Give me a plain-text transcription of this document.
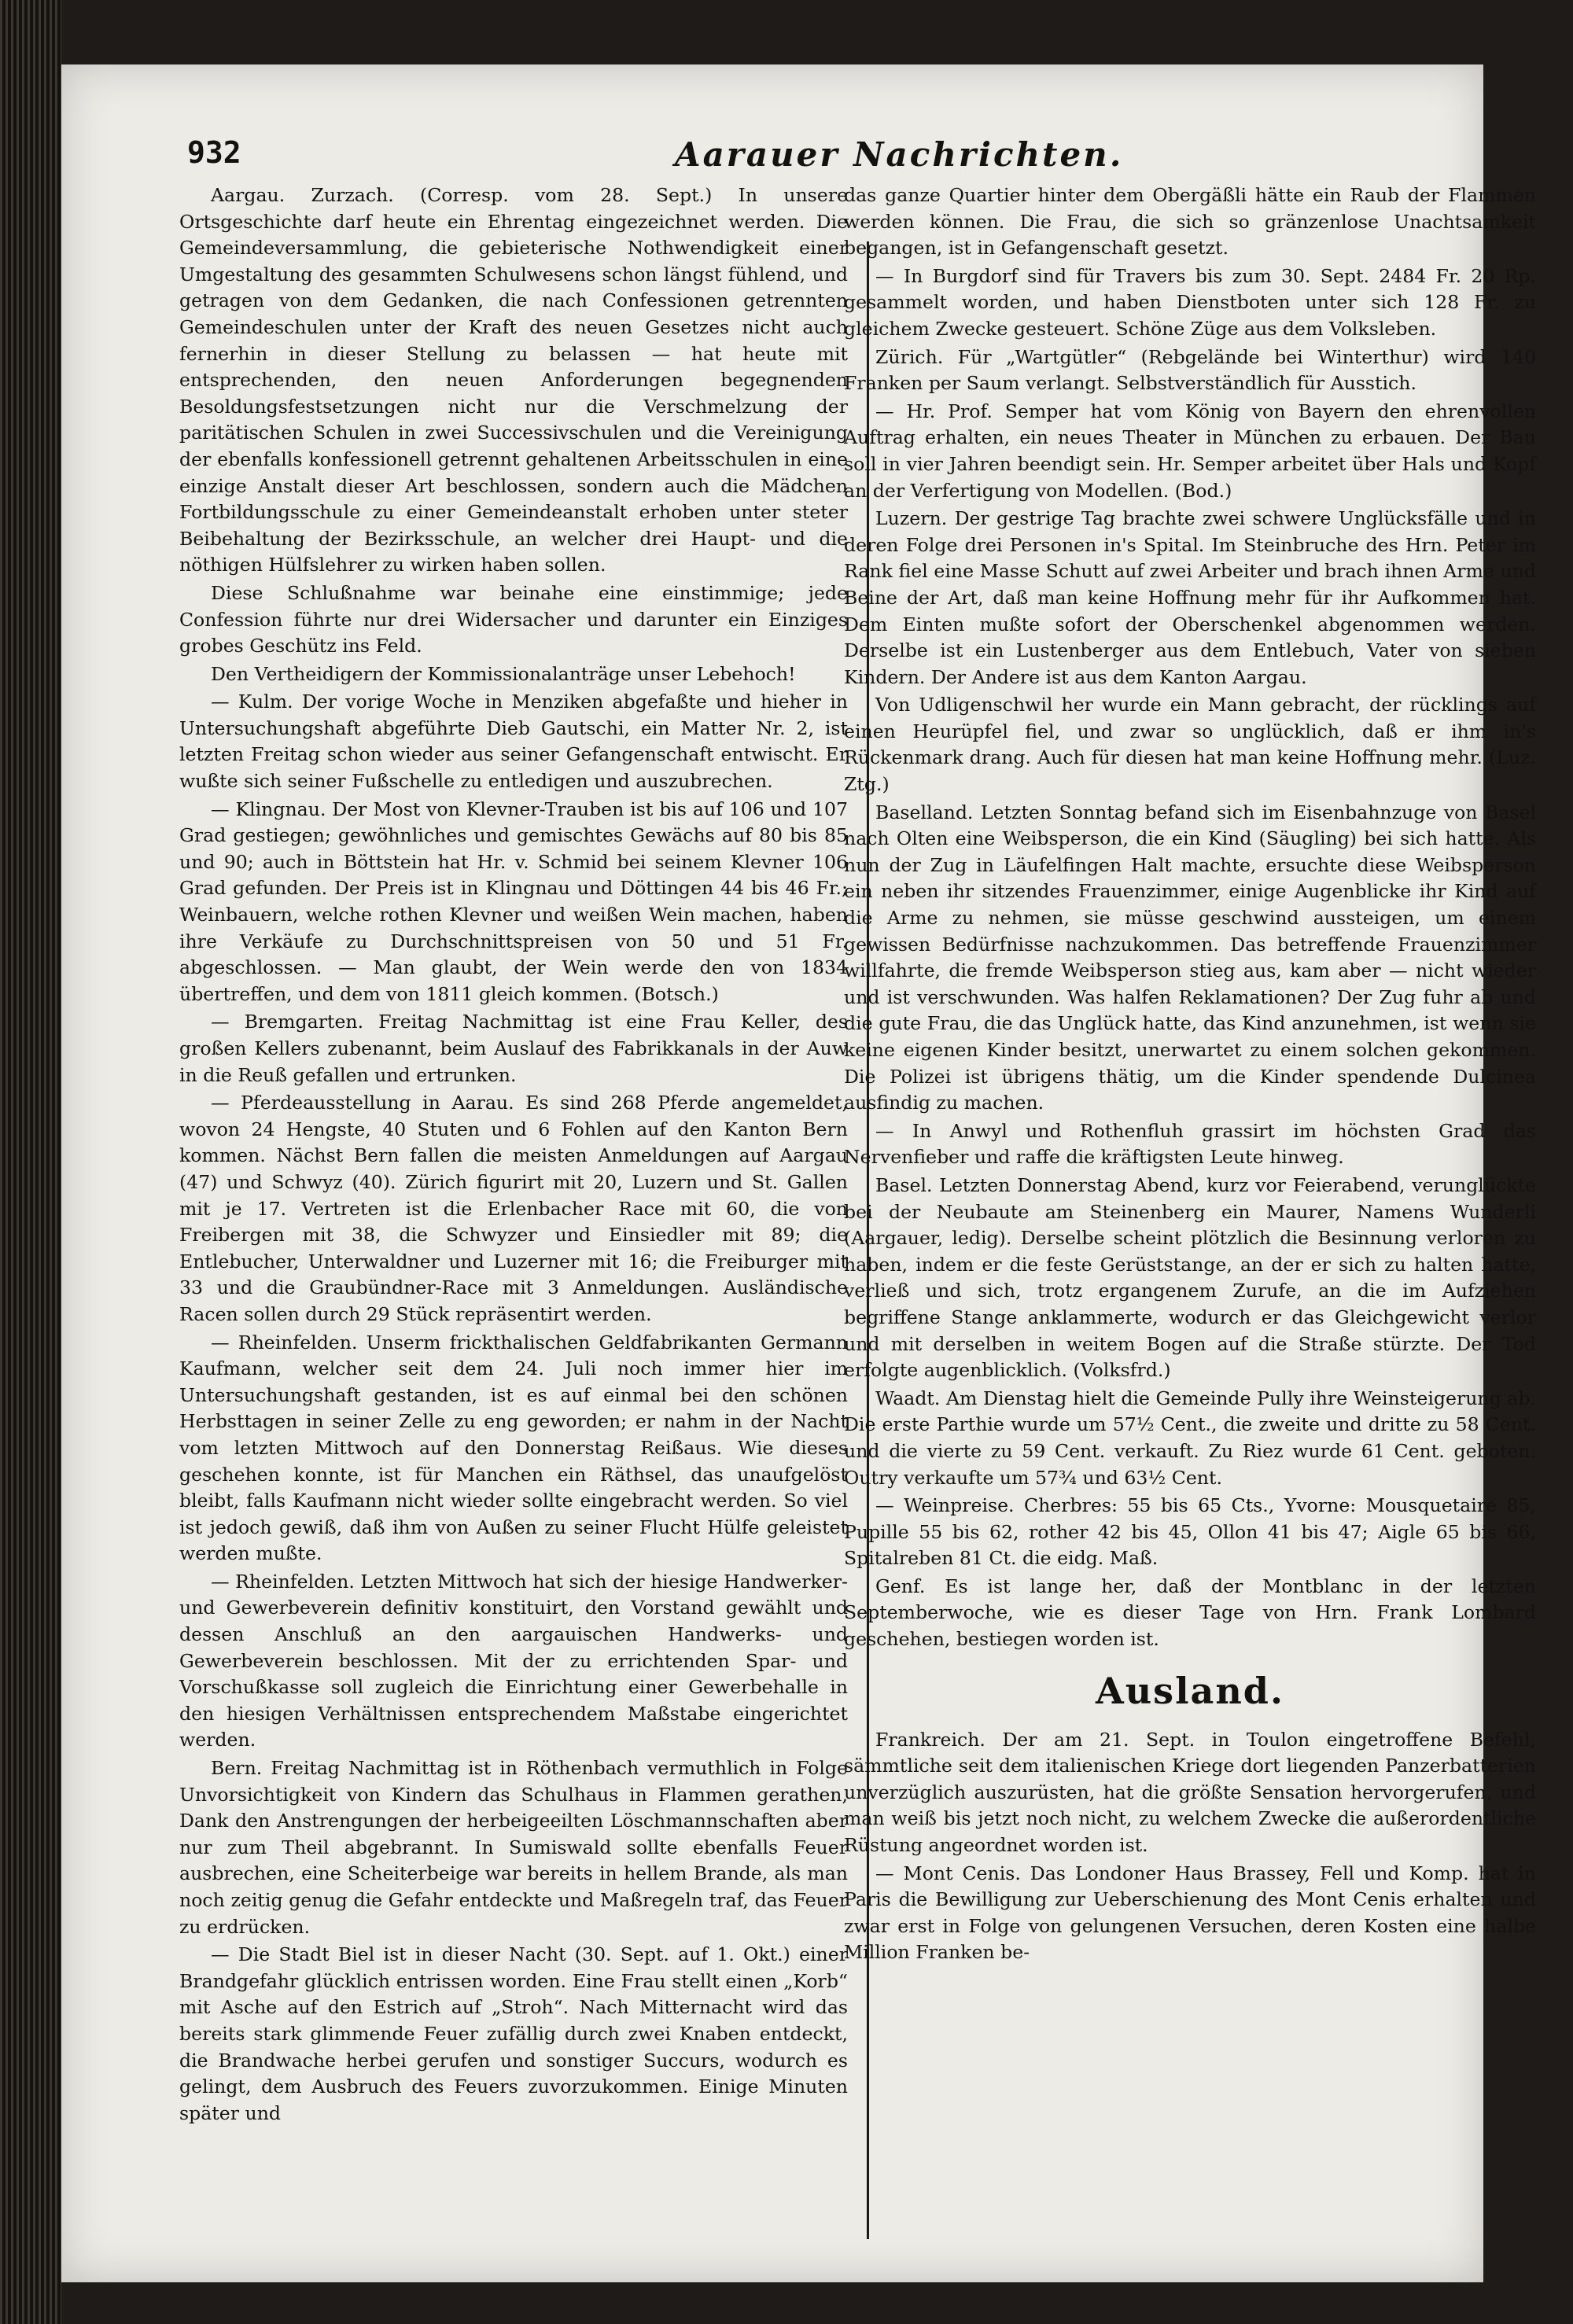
932	Aarauer Nachrichten.

Aargau. Zurzach. (Corresp. vom 28. Sept.) In unsere Ortsgeschichte darf heute ein Ehrentag eingezeichnet werden. Die Gemeindeversammlung, die gebieterische Nothwendigkeit einer Umgestaltung des gesammten Schulwesens schon längst fühlend, und getragen von dem Gedanken, die nach Confessionen getrennten Gemeindeschulen unter der Kraft des neuen Gesetzes nicht auch fernerhin in dieser Stellung zu belassen — hat heute mit entsprechenden, den neuen Anforderungen begegnenden Besoldungsfestsetzungen nicht nur die Verschmelzung der paritätischen Schulen in zwei Successivschulen und die Vereinigung der ebenfalls konfessionell getrennt gehaltenen Arbeitsschulen in eine einzige Anstalt dieser Art beschlossen, sondern auch die Mädchen Fortbildungsschule zu einer Gemeindeanstalt erhoben unter steter Beibehaltung der Bezirksschule, an welcher drei Haupt- und die nöthigen Hülfslehrer zu wirken haben sollen.

Diese Schlußnahme war beinahe eine einstimmige; jede Confession führte nur drei Widersacher und darunter ein Einziges grobes Geschütz ins Feld.

Den Vertheidigern der Kommissionalanträge unser Lebehoch!

— Kulm. Der vorige Woche in Menziken abgefaßte und hieher in Untersuchungshaft abgeführte Dieb Gautschi, ein Matter Nr. 2, ist letzten Freitag schon wieder aus seiner Gefangenschaft entwischt. Er wußte sich seiner Fußschelle zu entledigen und auszubrechen.

— Klingnau. Der Most von Klevner-Trauben ist bis auf 106 und 107 Grad gestiegen; gewöhnliches und gemischtes Gewächs auf 80 bis 85 und 90; auch in Böttstein hat Hr. v. Schmid bei seinem Klevner 106 Grad gefunden. Der Preis ist in Klingnau und Döttingen 44 bis 46 Fr.; Weinbauern, welche rothen Klevner und weißen Wein machen, haben ihre Verkäufe zu Durchschnittspreisen von 50 und 51 Fr. abgeschlossen. — Man glaubt, der Wein werde den von 1834 übertreffen, und dem von 1811 gleich kommen. (Botsch.)

— Bremgarten. Freitag Nachmittag ist eine Frau Keller, des großen Kellers zubenannt, beim Auslauf des Fabrikkanals in der Auw in die Reuß gefallen und ertrunken.

— Pferdeausstellung in Aarau. Es sind 268 Pferde angemeldet, wovon 24 Hengste, 40 Stuten und 6 Fohlen auf den Kanton Bern kommen. Nächst Bern fallen die meisten Anmeldungen auf Aargau (47) und Schwyz (40). Zürich figurirt mit 20, Luzern und St. Gallen mit je 17. Vertreten ist die Erlenbacher Race mit 60, die von Freibergen mit 38, die Schwyzer und Einsiedler mit 89; die Entlebucher, Unterwaldner und Luzerner mit 16; die Freiburger mit 33 und die Graubündner-Race mit 3 Anmeldungen. Ausländische Racen sollen durch 29 Stück repräsentirt werden.

— Rheinfelden. Unserm frickthalischen Geldfabrikanten Germann Kaufmann, welcher seit dem 24. Juli noch immer hier im Untersuchungshaft gestanden, ist es auf einmal bei den schönen Herbsttagen in seiner Zelle zu eng geworden; er nahm in der Nacht vom letzten Mittwoch auf den Donnerstag Reißaus. Wie dieses geschehen konnte, ist für Manchen ein Räthsel, das unaufgelöst bleibt, falls Kaufmann nicht wieder sollte eingebracht werden. So viel ist jedoch gewiß, daß ihm von Außen zu seiner Flucht Hülfe geleistet werden mußte.

— Rheinfelden. Letzten Mittwoch hat sich der hiesige Handwerker- und Gewerbeverein definitiv konstituirt, den Vorstand gewählt und dessen Anschluß an den aargauischen Handwerks- und Gewerbeverein beschlossen. Mit der zu errichtenden Spar- und Vorschußkasse soll zugleich die Einrichtung einer Gewerbehalle in den hiesigen Verhältnissen entsprechendem Maßstabe eingerichtet werden.

Bern. Freitag Nachmittag ist in Röthenbach vermuthlich in Folge Unvorsichtigkeit von Kindern das Schulhaus in Flammen gerathen, Dank den Anstrengungen der herbeigeeilten Löschmannschaften aber nur zum Theil abgebrannt. In Sumiswald sollte ebenfalls Feuer ausbrechen, eine Scheiterbeige war bereits in hellem Brande, als man noch zeitig genug die Gefahr entdeckte und Maßregeln traf, das Feuer zu erdrücken.

— Die Stadt Biel ist in dieser Nacht (30. Sept. auf 1. Okt.) einer Brandgefahr glücklich entrissen worden. Eine Frau stellt einen „Korb“ mit Asche auf den Estrich auf „Stroh“. Nach Mitternacht wird das bereits stark glimmende Feuer zufällig durch zwei Knaben entdeckt, die Brandwache herbei gerufen und sonstiger Succurs, wodurch es gelingt, dem Ausbruch des Feuers zuvorzukommen. Einige Minuten später und

das ganze Quartier hinter dem Obergäßli hätte ein Raub der Flammen werden können. Die Frau, die sich so gränzenlose Unachtsamkeit begangen, ist in Gefangenschaft gesetzt.

— In Burgdorf sind für Travers bis zum 30. Sept. 2484 Fr. 20 Rp. gesammelt worden, und haben Dienstboten unter sich 128 Fr. zu gleichem Zwecke gesteuert. Schöne Züge aus dem Volksleben.

Zürich. Für „Wartgütler“ (Rebgelände bei Winterthur) wird 140 Franken per Saum verlangt. Selbstverständlich für Ausstich.

— Hr. Prof. Semper hat vom König von Bayern den ehrenvollen Auftrag erhalten, ein neues Theater in München zu erbauen. Der Bau soll in vier Jahren beendigt sein. Hr. Semper arbeitet über Hals und Kopf an der Verfertigung von Modellen. (Bod.)

Luzern. Der gestrige Tag brachte zwei schwere Unglücksfälle und in deren Folge drei Personen in's Spital. Im Steinbruche des Hrn. Peter im Rank fiel eine Masse Schutt auf zwei Arbeiter und brach ihnen Arme und Beine der Art, daß man keine Hoffnung mehr für ihr Aufkommen hat. Dem Einten mußte sofort der Oberschenkel abgenommen werden. Derselbe ist ein Lustenberger aus dem Entlebuch, Vater von sieben Kindern. Der Andere ist aus dem Kanton Aargau.

Von Udligenschwil her wurde ein Mann gebracht, der rücklings auf einen Heurüpfel fiel, und zwar so unglücklich, daß er ihm in's Rückenmark drang. Auch für diesen hat man keine Hoffnung mehr. (Luz. Ztg.)

Baselland. Letzten Sonntag befand sich im Eisenbahnzuge von Basel nach Olten eine Weibsperson, die ein Kind (Säugling) bei sich hatte. Als nun der Zug in Läufelfingen Halt machte, ersuchte diese Weibsperson ein neben ihr sitzendes Frauenzimmer, einige Augenblicke ihr Kind auf die Arme zu nehmen, sie müsse geschwind aussteigen, um einem gewissen Bedürfnisse nachzukommen. Das betreffende Frauenzimmer willfahrte, die fremde Weibsperson stieg aus, kam aber — nicht wieder und ist verschwunden. Was halfen Reklamationen? Der Zug fuhr ab und die gute Frau, die das Unglück hatte, das Kind anzunehmen, ist wenn sie keine eigenen Kinder besitzt, unerwartet zu einem solchen gekommen. Die Polizei ist übrigens thätig, um die Kinder spendende Dulcinea ausfindig zu machen.

— In Anwyl und Rothenfluh grassirt im höchsten Grad das Nervenfieber und raffe die kräftigsten Leute hinweg.

Basel. Letzten Donnerstag Abend, kurz vor Feierabend, verunglückte bei der Neubaute am Steinenberg ein Maurer, Namens Wunderli (Aargauer, ledig). Derselbe scheint plötzlich die Besinnung verloren zu haben, indem er die feste Gerüststange, an der er sich zu halten hatte, verließ und sich, trotz ergangenem Zurufe, an die im Aufziehen begriffene Stange anklammerte, wodurch er das Gleichgewicht verlor und mit derselben in weitem Bogen auf die Straße stürzte. Der Tod erfolgte augenblicklich. (Volksfrd.)

Waadt. Am Dienstag hielt die Gemeinde Pully ihre Weinsteigerung ab. Die erste Parthie wurde um 57½ Cent., die zweite und dritte zu 58 Cent. und die vierte zu 59 Cent. verkauft. Zu Riez wurde 61 Cent. geboten. Outry verkaufte um 57¾ und 63½ Cent.

— Weinpreise. Cherbres: 55 bis 65 Cts., Yvorne: Mousquetaire 85, Pupille 55 bis 62, rother 42 bis 45, Ollon 41 bis 47; Aigle 65 bis 66, Spitalreben 81 Ct. die eidg. Maß.

Genf. Es ist lange her, daß der Montblanc in der letzten Septemberwoche, wie es dieser Tage von Hrn. Frank Lombard geschehen, bestiegen worden ist.

Ausland.

Frankreich. Der am 21. Sept. in Toulon eingetroffene Befehl, sämmtliche seit dem italienischen Kriege dort liegenden Panzerbatterien unverzüglich auszurüsten, hat die größte Sensation hervorgerufen, und man weiß bis jetzt noch nicht, zu welchem Zwecke die außerordentliche Rüstung angeordnet worden ist.

— Mont Cenis. Das Londoner Haus Brassey, Fell und Komp. hat in Paris die Bewilligung zur Ueberschienung des Mont Cenis erhalten und zwar erst in Folge von gelungenen Versuchen, deren Kosten eine halbe Million Franken be-
